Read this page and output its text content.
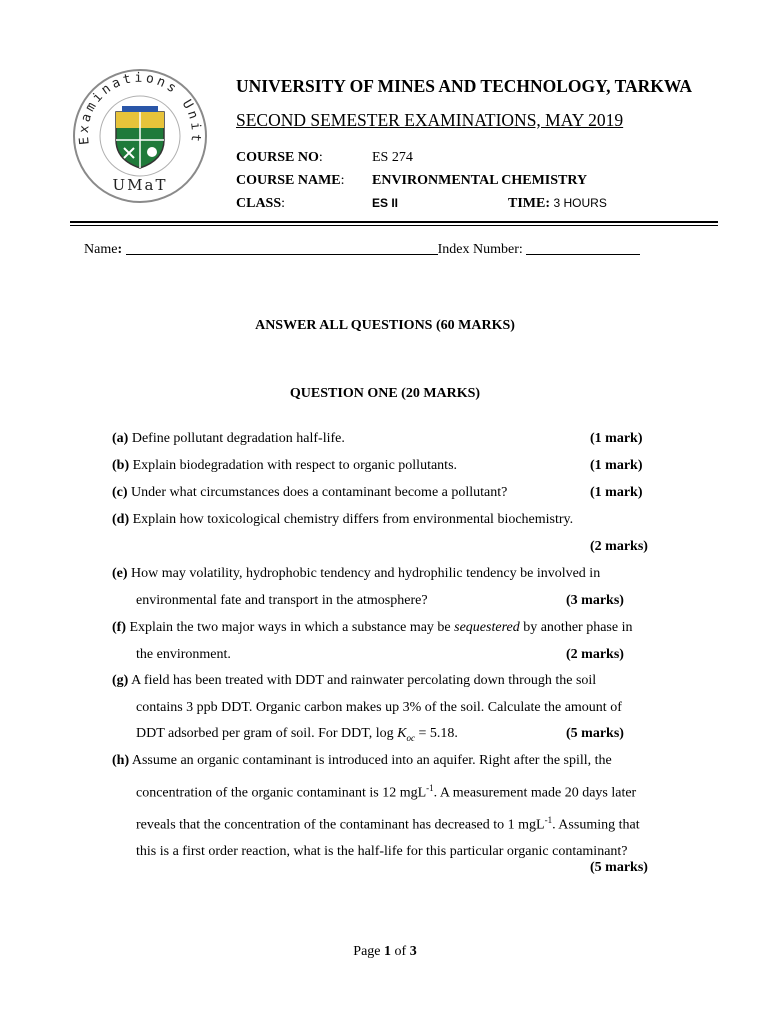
Examinations Unit
UMaT
UNIVERSITY OF MINES AND TECHNOLOGY, TARKWA
SECOND SEMESTER EXAMINATIONS, MAY 2019
COURSE NO:	ES 274
COURSE NAME: ENVIRONMENTAL CHEMISTRY
CLASS:	ES II	TIME: 3 HOURS
Name:	Index Number:
ANSWER ALL QUESTIONS (60 MARKS)
QUESTION ONE (20 MARKS)
(a) Define pollutant degradation half-life.	(1 mark)
(b) Explain biodegradation with respect to organic pollutants.	(1 mark)
(c) Under what circumstances does a contaminant become a pollutant?	(1 mark)
(d) Explain how toxicological chemistry differs from environmental biochemistry.
(2 marks)
(e) How may volatility, hydrophobic tendency and hydrophilic tendency be involved in
environmental fate and transport in the atmosphere?	(3 marks)
(f) Explain the two major ways in which a substance may be sequestered by another phase in
the environment.	(2 marks)
(g) A field has been treated with DDT and rainwater percolating down through the soil
contains 3 ppb DDT. Organic carbon makes up 3% of the soil. Calculate the amount of
DDT adsorbed per gram of soil. For DDT, $\log K_{oc} = 5.18$.	(5 marks)
(h) Assume an organic contaminant is introduced into an aquifer. Right after the spill, the
concentration of the organic contaminant is 12 mgL$^{-1}$. A measurement made 20 days later
reveals that the concentration of the contaminant has decreased to 1 mgL$^{-1}$. Assuming that
this is a first order reaction, what is the half-life for this particular organic contaminant?
(5 marks)
Page 1 of 3
